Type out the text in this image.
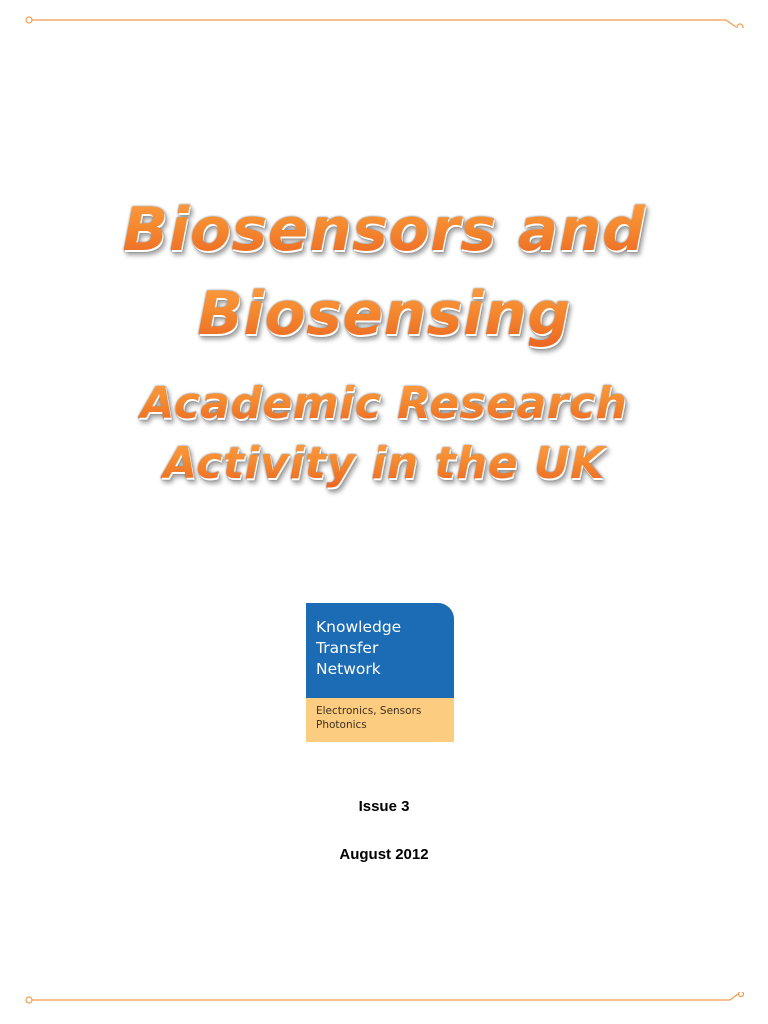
Biosensors and
Biosensing
Academic Research
Activity in the UK
Knowledge
Transfer
Network
Electronics, Sensors
Photonics
Issue 3
August 2012
